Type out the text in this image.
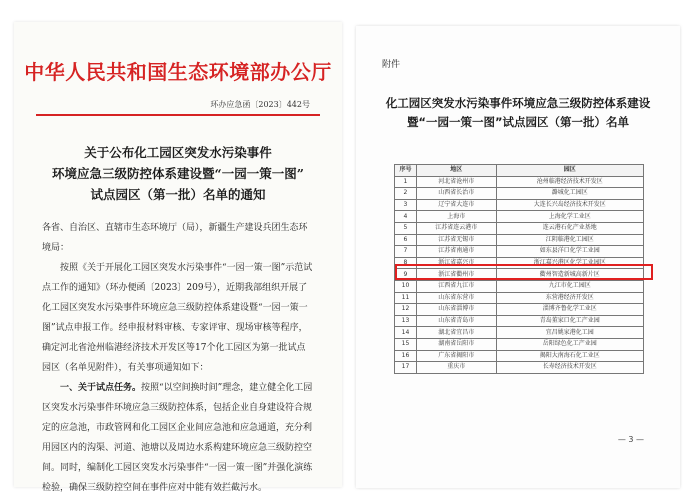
中华人民共和国生态环境部办公厅
环办应急函〔2023〕442号
关于公布化工园区突发水污染事件
环境应急三级防控体系建设暨“一园一策一图”
试点园区（第一批）名单的通知

各省、自治区、直辖市生态环境厅（局），新疆生产建设兵团生态环境局：

按照《关于开展化工园区突发水污染事件“一园一策一图”示范试点工作的通知》（环办便函〔2023〕209号），近期我部组织开展了化工园区突发水污染事件环境应急三级防控体系建设暨“一园一策一图”试点申报工作。经申报材料审核、专家评审、现场审核等程序，确定河北省沧州临港经济技术开发区等17个化工园区为第一批试点园区（名单见附件），有关事项通知如下：

一、关于试点任务。按照“以空间换时间”理念，建立健全化工园区突发水污染事件环境应急三级防控体系，包括企业自身建设符合规定的应急池，市政管网和化工园区企业间应急池和应急通道，充分利用园区内的沟渠、河道、池塘以及周边水系构建环境应急三级防控空间。同时，编制化工园区突发水污染事件“一园一策一图”并强化演练检验，确保三级防控空间在事件应对中能有效拦截污水。

附件
化工园区突发水污染事件环境应急三级防控体系建设
暨“一园一策一图”试点园区（第一批）名单
序号	地区	园区
1	河北省沧州市	沧州临港经济技术开发区
2	山西省长治市	潞城化工园区
3	辽宁省大连市	大连长兴岛经济技术开发区
4	上海市	上海化学工业区
5	江苏省连云港市	连云港石化产业基地
6	江苏省无锡市	江阴临港化工园区
7	江苏省南通市	如东县洋口化学工业园
8	浙江省嘉兴市	浙江嘉兴港区化学工业园区
9	浙江省衢州市	衢州智造新城高新片区
10	江西省九江市	九江市化工园区
11	山东省东营市	东营港经济开发区
12	山东省淄博市	淄博齐鲁化学工业区
13	山东省青岛市	青岛董家口化工产业园
14	湖北省宜昌市	宜昌姚家港化工园
15	湖南省岳阳市	岳阳绿色化工产业园
16	广东省揭阳市	揭阳大南海石化工业区
17	重庆市	长寿经济技术开发区
— 3 —
